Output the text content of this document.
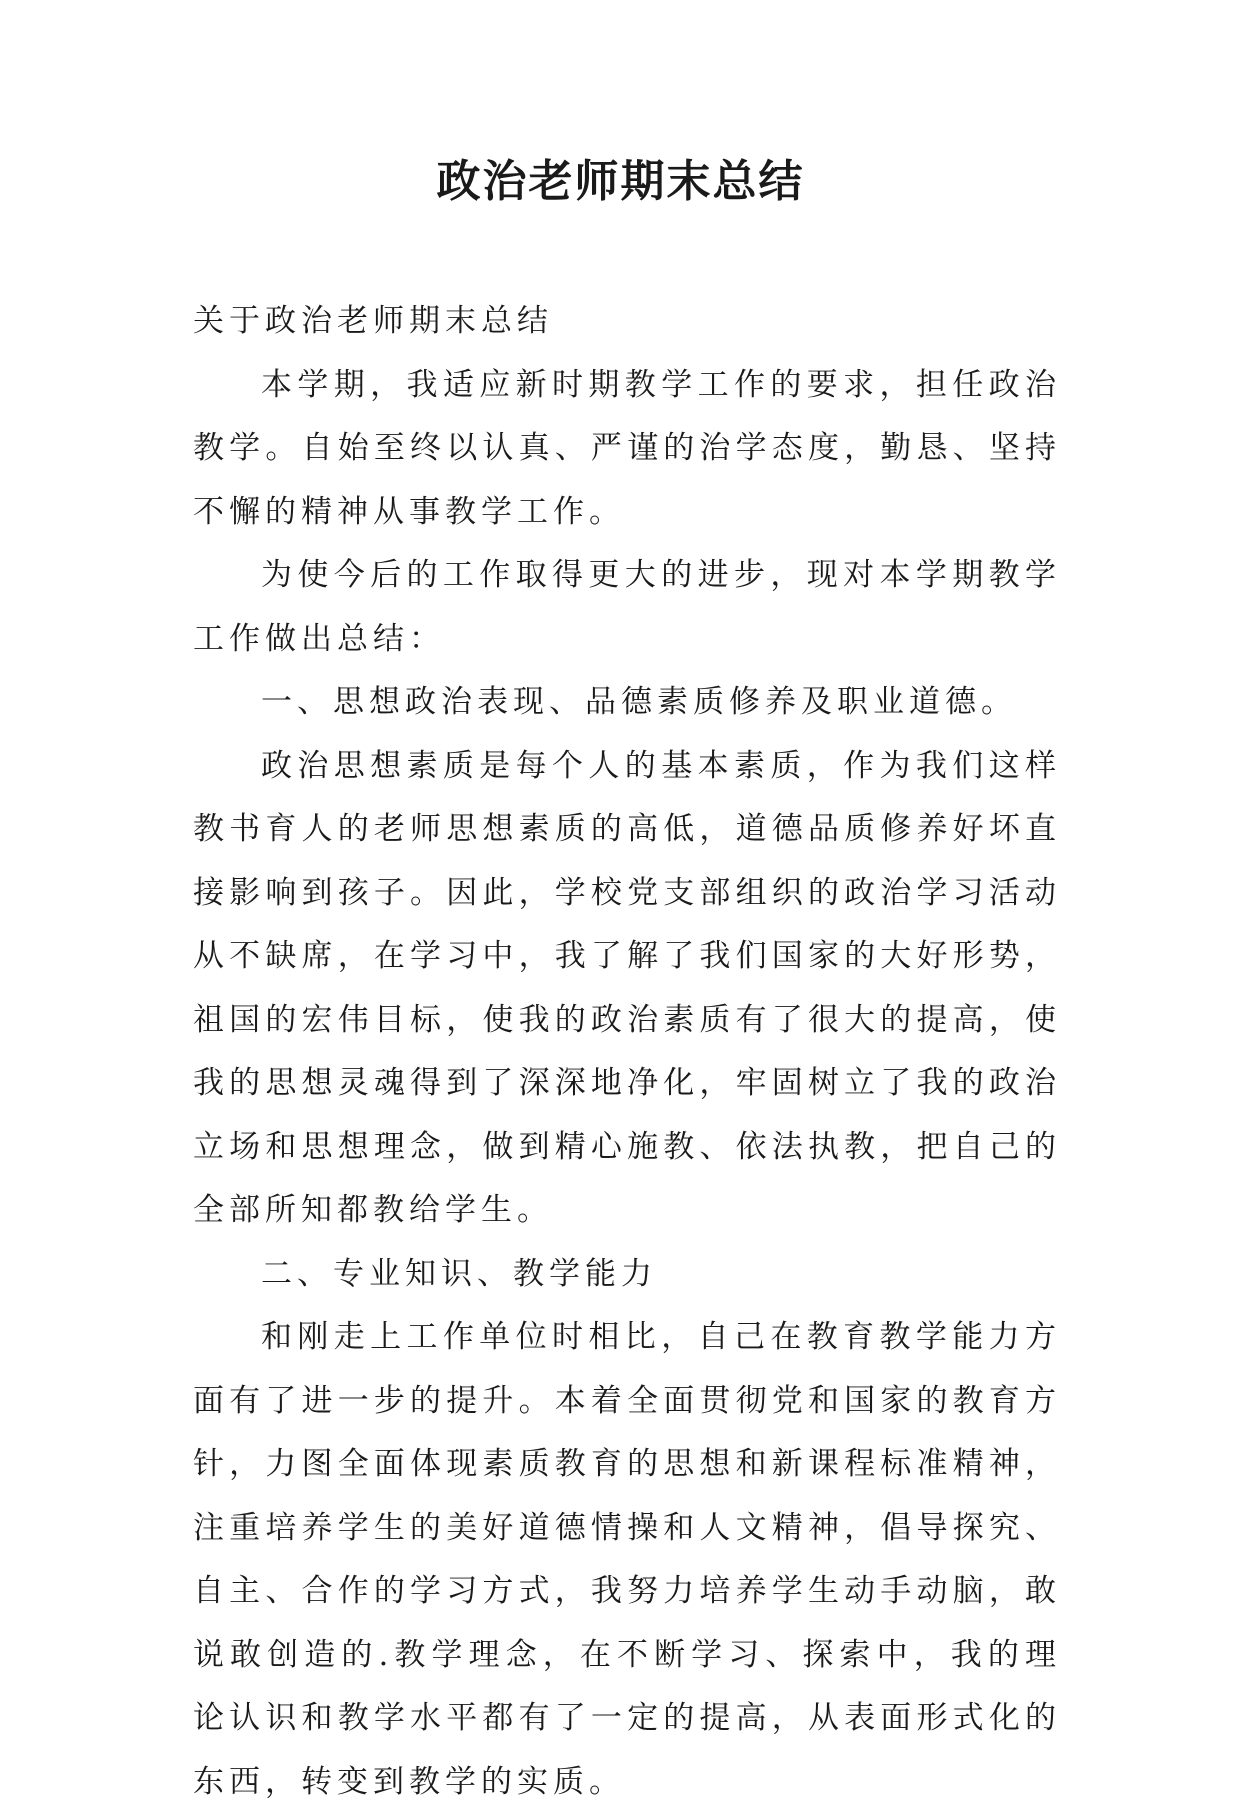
政治老师期末总结

关于政治老师期末总结

本学期，我适应新时期教学工作的要求，担任政治教学。自始至终以认真、严谨的治学态度，勤恳、坚持不懈的精神从事教学工作。

为使今后的工作取得更大的进步，现对本学期教学工作做出总结：

一、思想政治表现、品德素质修养及职业道德。

政治思想素质是每个人的基本素质，作为我们这样教书育人的老师思想素质的高低，道德品质修养好坏直接影响到孩子。因此，学校党支部组织的政治学习活动从不缺席，在学习中，我了解了我们国家的大好形势，祖国的宏伟目标，使我的政治素质有了很大的提高，使我的思想灵魂得到了深深地净化，牢固树立了我的政治立场和思想理念，做到精心施教、依法执教，把自己的全部所知都教给学生。

二、专业知识、教学能力

和刚走上工作单位时相比，自己在教育教学能力方面有了进一步的提升。本着全面贯彻党和国家的教育方针，力图全面体现素质教育的思想和新课程标准精神，注重培养学生的美好道德情操和人文精神，倡导探究、自主、合作的学习方式，我努力培养学生动手动脑，敢说敢创造的.教学理念，在不断学习、探索中，我的理论认识和教学水平都有了一定的提高，从表面形式化的东西，转变到教学的实质。
